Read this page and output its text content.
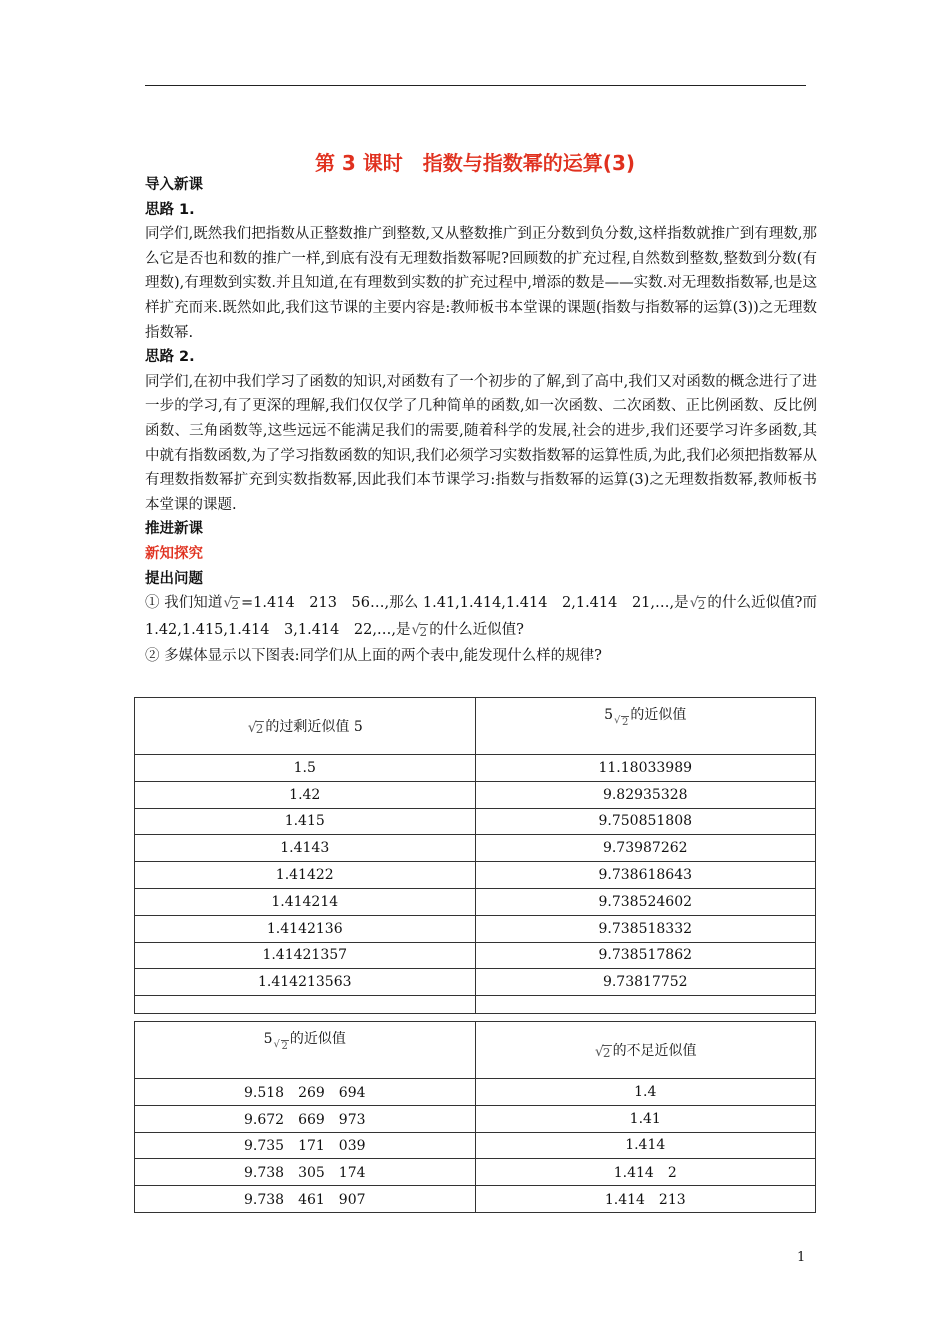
第 3 课时　指数与指数幂的运算(3)
导入新课
思路 1.
同学们,既然我们把指数从正整数推广到整数,又从整数推广到正分数到负分数,这样指数就推广到有理数,那么它是否也和数的推广一样,到底有没有无理数指数幂呢?回顾数的扩充过程,自然数到整数,整数到分数(有理数),有理数到实数.并且知道,在有理数到实数的扩充过程中,增添的数是——实数.对无理数指数幂,也是这样扩充而来.既然如此,我们这节课的主要内容是:教师板书本堂课的课题(指数与指数幂的运算(3))之无理数指数幂.
思路 2.
同学们,在初中我们学习了函数的知识,对函数有了一个初步的了解,到了高中,我们又对函数的概念进行了进一步的学习,有了更深的理解,我们仅仅学了几种简单的函数,如一次函数、二次函数、正比例函数、反比例函数、三角函数等,这些远远不能满足我们的需要,随着科学的发展,社会的进步,我们还要学习许多函数,其中就有指数函数,为了学习指数函数的知识,我们必须学习实数指数幂的运算性质,为此,我们必须把指数幂从有理数指数幂扩充到实数指数幂,因此我们本节课学习:指数与指数幂的运算(3)之无理数指数幂,教师板书本堂课的课题.
推进新课
新知探究
提出问题
① 我们知道 √ 2 =1.414　213　56…,那么 1.41,1.414,1.414　2,1.414　21,…,是 √ 2 的什么近似值?而 1.42,1.415,1.414　3,1.414　22,…,是 √ 2 的什么近似值?
② 多媒体显示以下图表:同学们从上面的两个表中,能发现什么样的规律?
√ 2 的过剩近似值 5	5 √ 2 的近似值
1.5	11.18033989
1.42	9.82935328
1.415	9.750851808
1.4143	9.73987262
1.41422	9.738618643
1.414214	9.738524602
1.4142136	9.738518332
1.41421357	9.738517862
1.414213563	9.73817752

5 √ 2 的近似值	√ 2 的不足近似值
9.518　269　694	1.4
9.672　669　973	1.41
9.735　171　039	1.414
9.738　305　174	1.414　2
9.738　461　907	1.414　213
1
